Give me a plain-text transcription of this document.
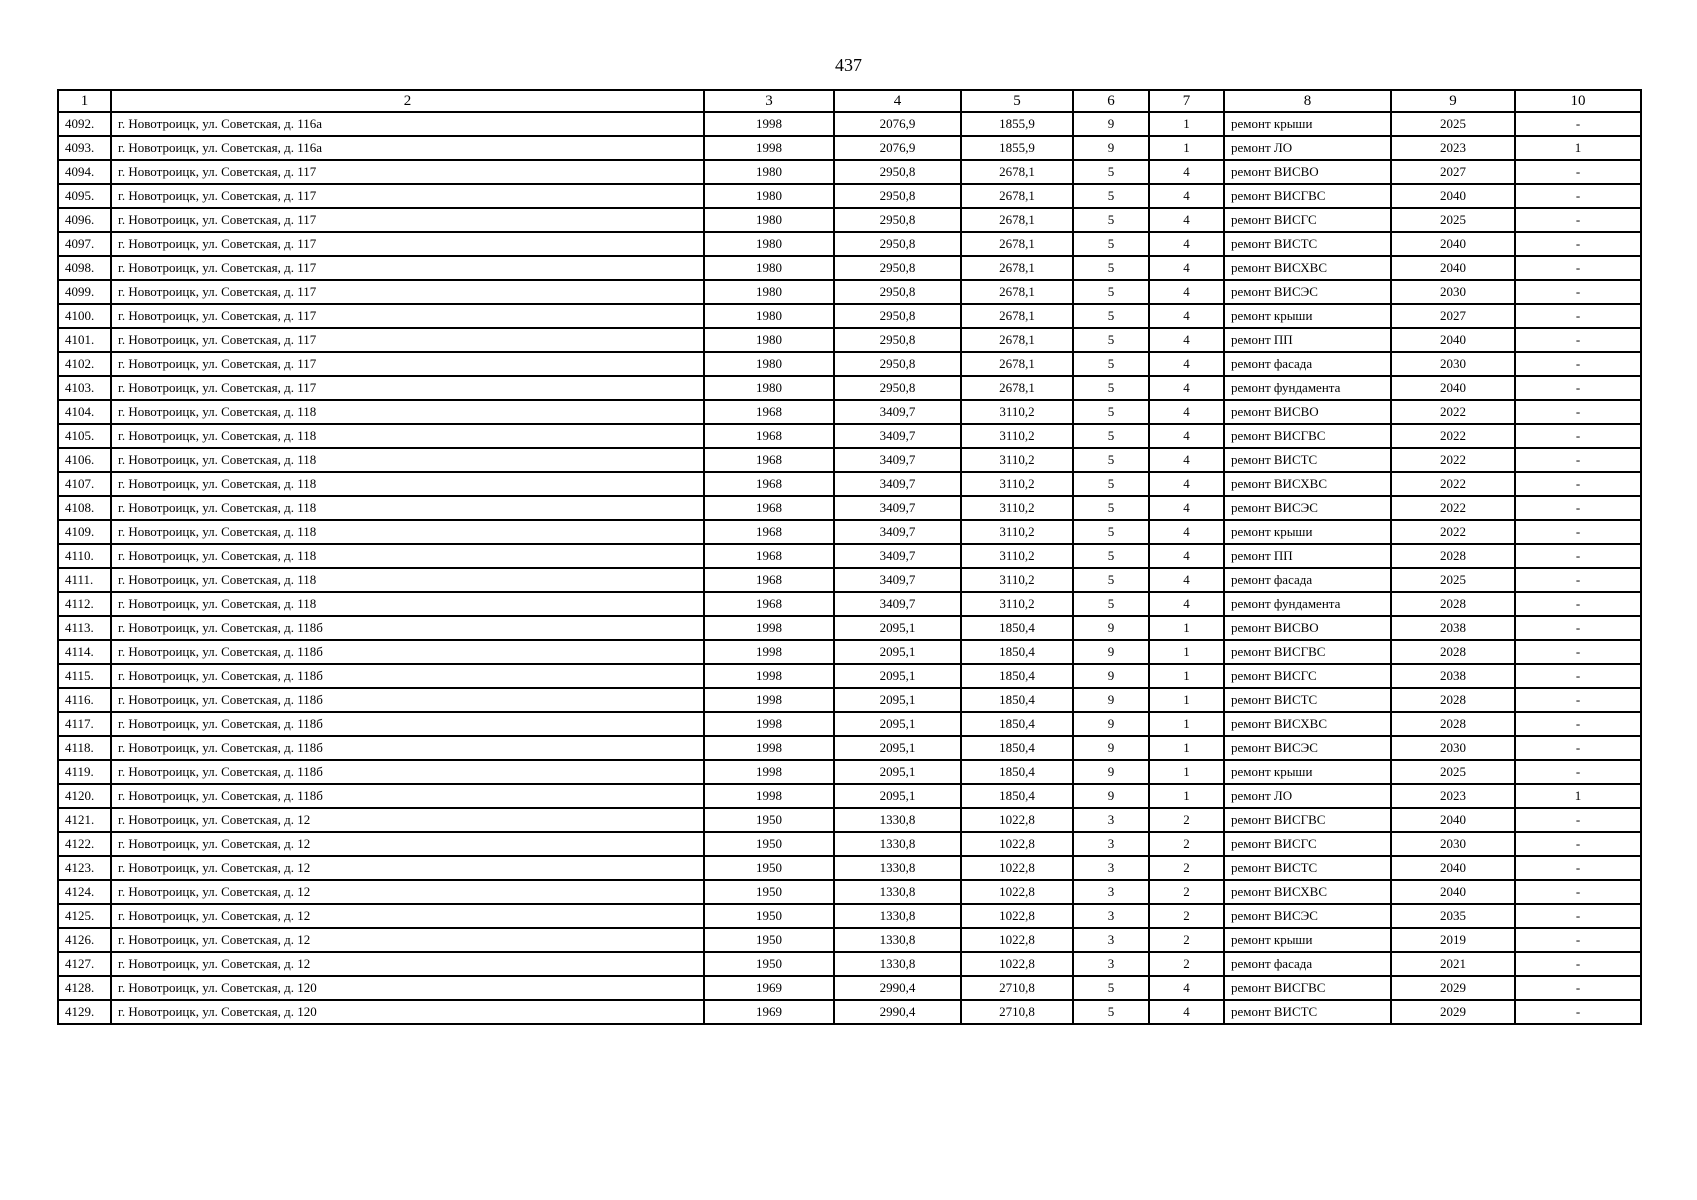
437
1	2	3	4	5	6	7	8	9	10
4092.	г. Новотроицк, ул. Советская, д. 116а	1998	2076,9	1855,9	9	1	ремонт крыши	2025	-
4093.	г. Новотроицк, ул. Советская, д. 116а	1998	2076,9	1855,9	9	1	ремонт ЛО	2023	1
4094.	г. Новотроицк, ул. Советская, д. 117	1980	2950,8	2678,1	5	4	ремонт ВИСВО	2027	-
4095.	г. Новотроицк, ул. Советская, д. 117	1980	2950,8	2678,1	5	4	ремонт ВИСГВС	2040	-
4096.	г. Новотроицк, ул. Советская, д. 117	1980	2950,8	2678,1	5	4	ремонт ВИСГС	2025	-
4097.	г. Новотроицк, ул. Советская, д. 117	1980	2950,8	2678,1	5	4	ремонт ВИСТС	2040	-
4098.	г. Новотроицк, ул. Советская, д. 117	1980	2950,8	2678,1	5	4	ремонт ВИСХВС	2040	-
4099.	г. Новотроицк, ул. Советская, д. 117	1980	2950,8	2678,1	5	4	ремонт ВИСЭС	2030	-
4100.	г. Новотроицк, ул. Советская, д. 117	1980	2950,8	2678,1	5	4	ремонт крыши	2027	-
4101.	г. Новотроицк, ул. Советская, д. 117	1980	2950,8	2678,1	5	4	ремонт ПП	2040	-
4102.	г. Новотроицк, ул. Советская, д. 117	1980	2950,8	2678,1	5	4	ремонт фасада	2030	-
4103.	г. Новотроицк, ул. Советская, д. 117	1980	2950,8	2678,1	5	4	ремонт фундамента	2040	-
4104.	г. Новотроицк, ул. Советская, д. 118	1968	3409,7	3110,2	5	4	ремонт ВИСВО	2022	-
4105.	г. Новотроицк, ул. Советская, д. 118	1968	3409,7	3110,2	5	4	ремонт ВИСГВС	2022	-
4106.	г. Новотроицк, ул. Советская, д. 118	1968	3409,7	3110,2	5	4	ремонт ВИСТС	2022	-
4107.	г. Новотроицк, ул. Советская, д. 118	1968	3409,7	3110,2	5	4	ремонт ВИСХВС	2022	-
4108.	г. Новотроицк, ул. Советская, д. 118	1968	3409,7	3110,2	5	4	ремонт ВИСЭС	2022	-
4109.	г. Новотроицк, ул. Советская, д. 118	1968	3409,7	3110,2	5	4	ремонт крыши	2022	-
4110.	г. Новотроицк, ул. Советская, д. 118	1968	3409,7	3110,2	5	4	ремонт ПП	2028	-
4111.	г. Новотроицк, ул. Советская, д. 118	1968	3409,7	3110,2	5	4	ремонт фасада	2025	-
4112.	г. Новотроицк, ул. Советская, д. 118	1968	3409,7	3110,2	5	4	ремонт фундамента	2028	-
4113.	г. Новотроицк, ул. Советская, д. 118б	1998	2095,1	1850,4	9	1	ремонт ВИСВО	2038	-
4114.	г. Новотроицк, ул. Советская, д. 118б	1998	2095,1	1850,4	9	1	ремонт ВИСГВС	2028	-
4115.	г. Новотроицк, ул. Советская, д. 118б	1998	2095,1	1850,4	9	1	ремонт ВИСГС	2038	-
4116.	г. Новотроицк, ул. Советская, д. 118б	1998	2095,1	1850,4	9	1	ремонт ВИСТС	2028	-
4117.	г. Новотроицк, ул. Советская, д. 118б	1998	2095,1	1850,4	9	1	ремонт ВИСХВС	2028	-
4118.	г. Новотроицк, ул. Советская, д. 118б	1998	2095,1	1850,4	9	1	ремонт ВИСЭС	2030	-
4119.	г. Новотроицк, ул. Советская, д. 118б	1998	2095,1	1850,4	9	1	ремонт крыши	2025	-
4120.	г. Новотроицк, ул. Советская, д. 118б	1998	2095,1	1850,4	9	1	ремонт ЛО	2023	1
4121.	г. Новотроицк, ул. Советская, д. 12	1950	1330,8	1022,8	3	2	ремонт ВИСГВС	2040	-
4122.	г. Новотроицк, ул. Советская, д. 12	1950	1330,8	1022,8	3	2	ремонт ВИСГС	2030	-
4123.	г. Новотроицк, ул. Советская, д. 12	1950	1330,8	1022,8	3	2	ремонт ВИСТС	2040	-
4124.	г. Новотроицк, ул. Советская, д. 12	1950	1330,8	1022,8	3	2	ремонт ВИСХВС	2040	-
4125.	г. Новотроицк, ул. Советская, д. 12	1950	1330,8	1022,8	3	2	ремонт ВИСЭС	2035	-
4126.	г. Новотроицк, ул. Советская, д. 12	1950	1330,8	1022,8	3	2	ремонт крыши	2019	-
4127.	г. Новотроицк, ул. Советская, д. 12	1950	1330,8	1022,8	3	2	ремонт фасада	2021	-
4128.	г. Новотроицк, ул. Советская, д. 120	1969	2990,4	2710,8	5	4	ремонт ВИСГВС	2029	-
4129.	г. Новотроицк, ул. Советская, д. 120	1969	2990,4	2710,8	5	4	ремонт ВИСТС	2029	-
